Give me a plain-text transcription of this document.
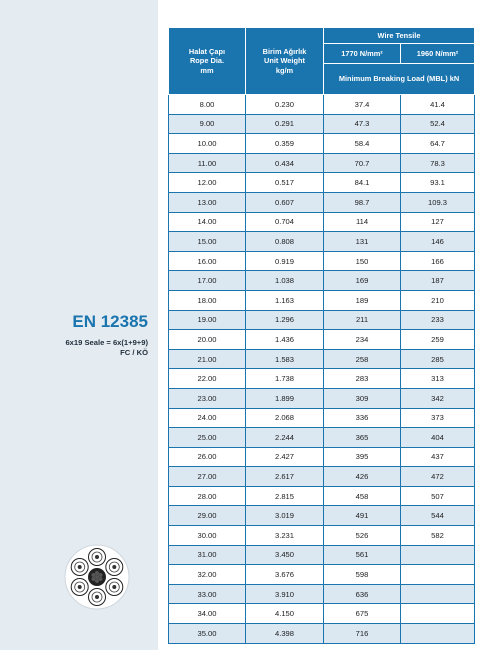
EN 12385
6x19 Seale = 6x(1+9+9)
FC / KÖ
Halat Çapı
Rope Dia.
mm	Birim Ağırlık
Unit Weight
kg/m	Wire Tensile	
		1770 N/mm²	1960 N/mm²
		Minimum Breaking Load (MBL) kN	
8.00	0.230	37.4	41.4
9.00	0.291	47.3	52.4
10.00	0.359	58.4	64.7
11.00	0.434	70.7	78.3
12.00	0.517	84.1	93.1
13.00	0.607	98.7	109.3
14.00	0.704	114	127
15.00	0.808	131	146
16.00	0.919	150	166
17.00	1.038	169	187
18.00	1.163	189	210
19.00	1.296	211	233
20.00	1.436	234	259
21.00	1.583	258	285
22.00	1.738	283	313
23.00	1.899	309	342
24.00	2.068	336	373
25.00	2.244	365	404
26.00	2.427	395	437
27.00	2.617	426	472
28.00	2.815	458	507
29.00	3.019	491	544
30.00	3.231	526	582
31.00	3.450	561	
32.00	3.676	598	
33.00	3.910	636	
34.00	4.150	675	
35.00	4.398	716	
